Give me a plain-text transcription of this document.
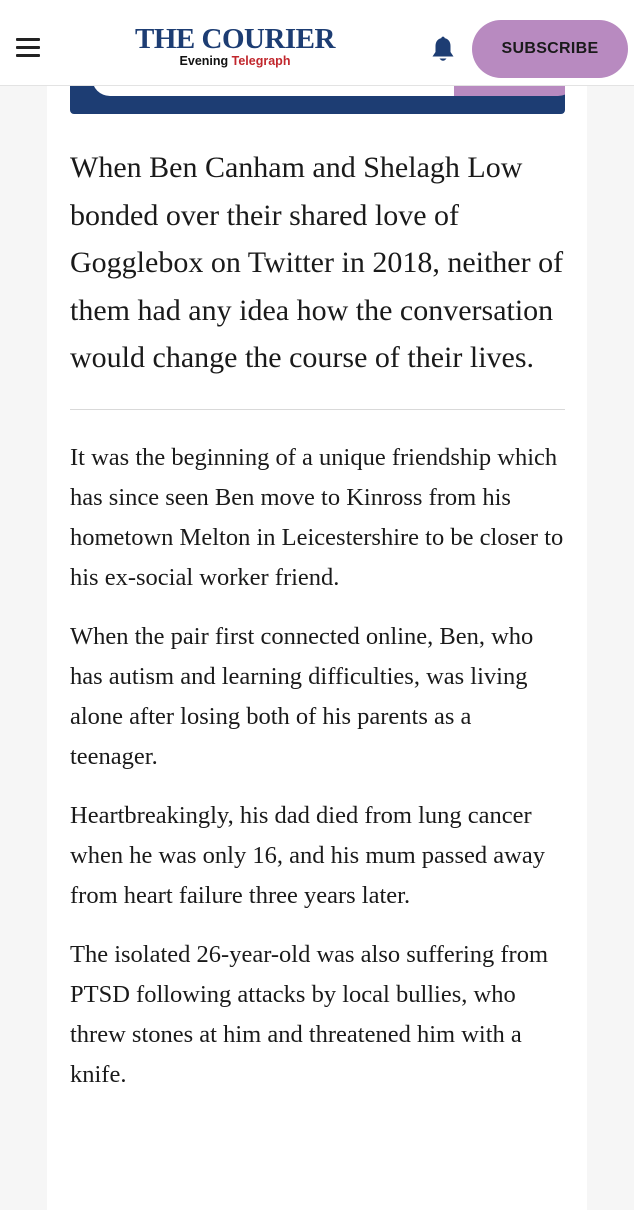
THE COURIER
Evening Telegraph
SUBSCRIBE

When Ben Canham and Shelagh Low bonded over their shared love of Gogglebox on Twitter in 2018, neither of them had any idea how the conversation would change the course of their lives.

It was the beginning of a unique friendship which has since seen Ben move to Kinross from his hometown Melton in Leicestershire to be closer to his ex-social worker friend.

When the pair first connected online, Ben, who has autism and learning difficulties, was living alone after losing both of his parents as a teenager.

Heartbreakingly, his dad died from lung cancer when he was only 16, and his mum passed away from heart failure three years later.

The isolated 26-year-old was also suffering from PTSD following attacks by local bullies, who threw stones at him and threatened him with a knife.
